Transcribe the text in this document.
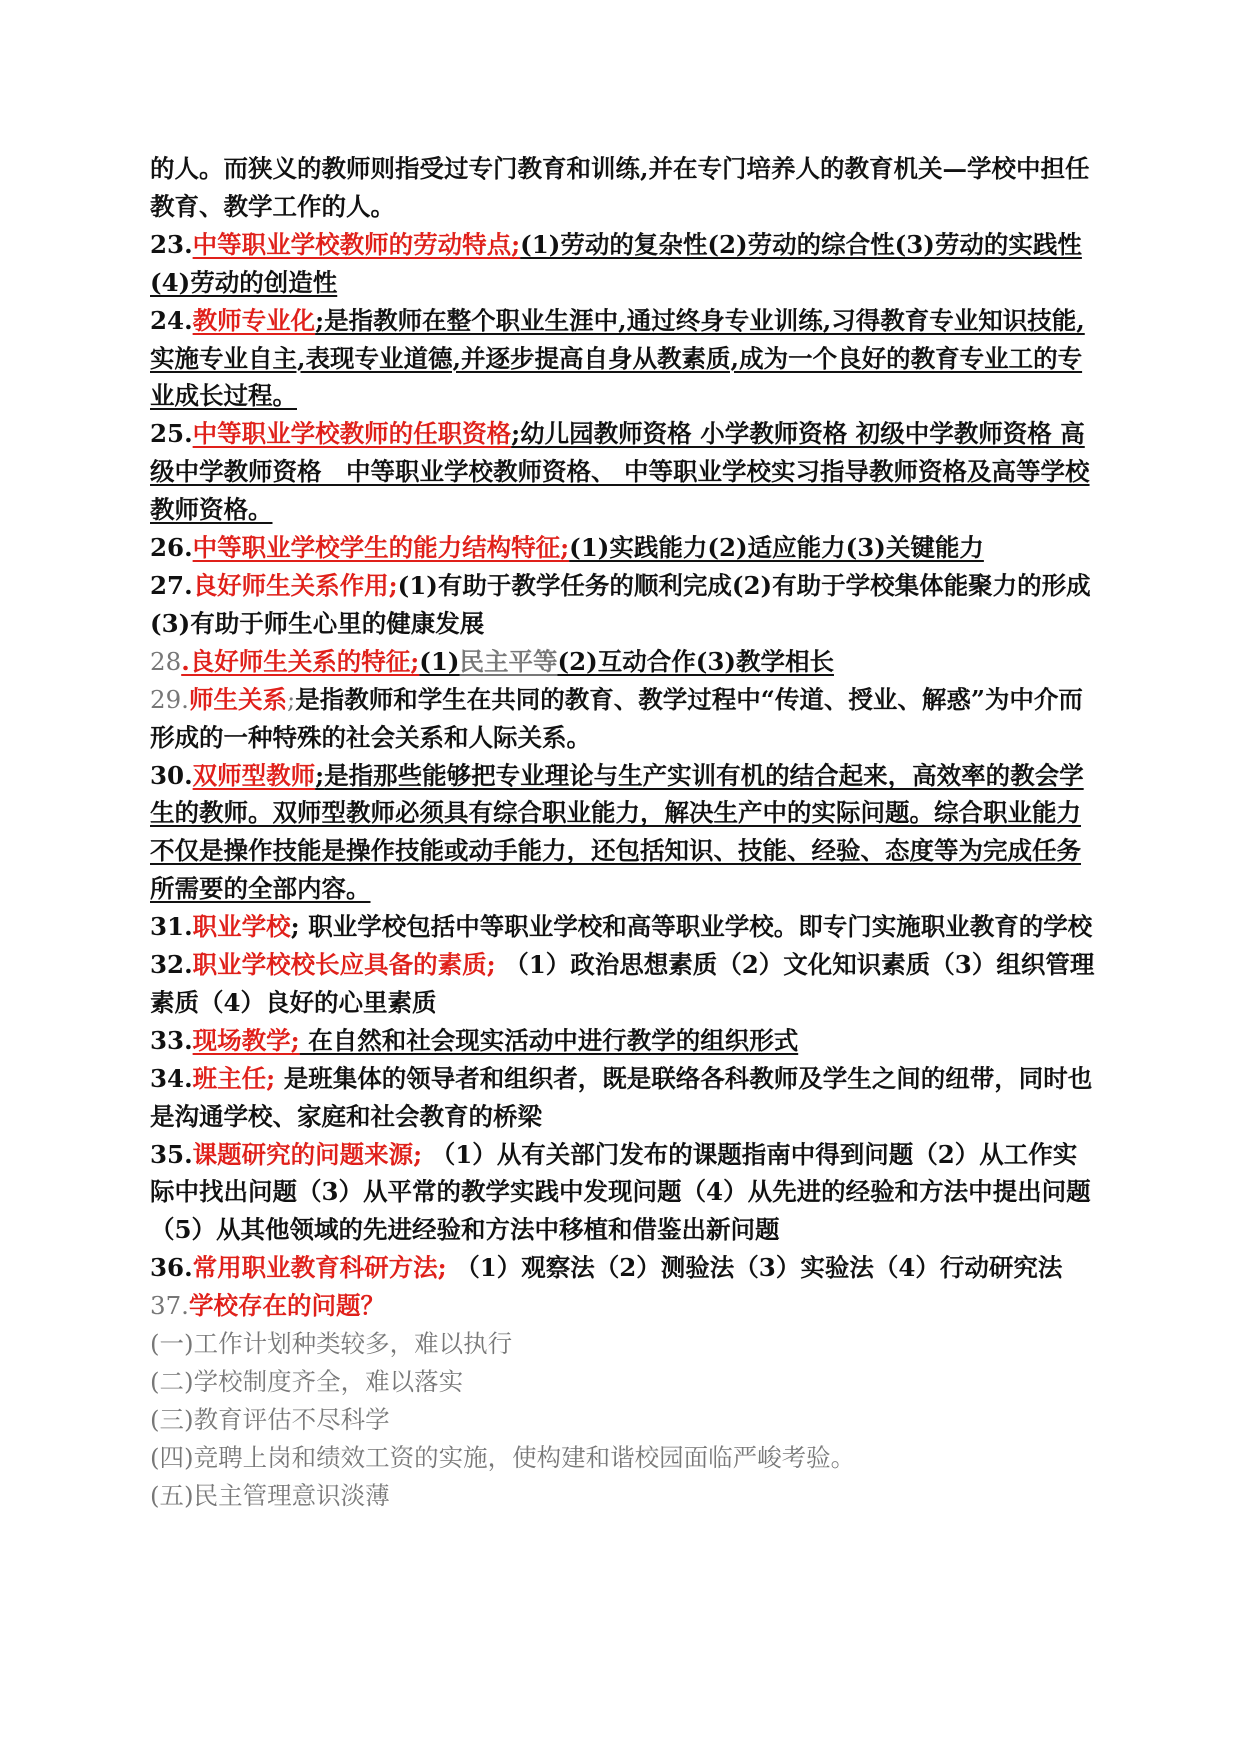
的人。而狭义的教师则指受过专门教育和训练,并在专门培养人的教育机关—学校中担任教育、教学工作的人。

23.中等职业学校教师的劳动特点;(1)劳动的复杂性(2)劳动的综合性(3)劳动的实践性(4)劳动的创造性

24.教师专业化;是指教师在整个职业生涯中,通过终身专业训练,习得教育专业知识技能,实施专业自主,表现专业道德,并逐步提高自身从教素质,成为一个良好的教育专业工的专业成长过程。

25.中等职业学校教师的任职资格;幼儿园教师资格 小学教师资格 初级中学教师资格 高级中学教师资格　中等职业学校教师资格、 中等职业学校实习指导教师资格及高等学校教师资格。

26.中等职业学校学生的能力结构特征;(1)实践能力(2)适应能力(3)关键能力

27.良好师生关系作用;(1)有助于教学任务的顺利完成(2)有助于学校集体能聚力的形成(3)有助于师生心里的健康发展

28.良好师生关系的特征;(1)民主平等(2)互动合作(3)教学相长

29.师生关系;是指教师和学生在共同的教育、教学过程中“传道、授业、解惑”为中介而形成的一种特殊的社会关系和人际关系。

30.双师型教师;是指那些能够把专业理论与生产实训有机的结合起来，高效率的教会学生的教师。双师型教师必须具有综合职业能力，解决生产中的实际问题。综合职业能力不仅是操作技能是操作技能或动手能力，还包括知识、技能、经验、态度等为完成任务所需要的全部内容。

31.职业学校; 职业学校包括中等职业学校和高等职业学校。即专门实施职业教育的学校

32.职业学校校长应具备的素质; （1）政治思想素质（2）文化知识素质（3）组织管理素质（4）良好的心里素质

33.现场教学; 在自然和社会现实活动中进行教学的组织形式

34.班主任; 是班集体的领导者和组织者，既是联络各科教师及学生之间的纽带，同时也是沟通学校、家庭和社会教育的桥梁

35.课题研究的问题来源; （1）从有关部门发布的课题指南中得到问题（2）从工作实际中找出问题（3）从平常的教学实践中发现问题（4）从先进的经验和方法中提出问题（5）从其他领域的先进经验和方法中移植和借鉴出新问题

36.常用职业教育科研方法; （1）观察法（2）测验法（3）实验法（4）行动研究法

37.学校存在的问题？

(一)工作计划种类较多，难以执行

(二)学校制度齐全，难以落实

(三)教育评估不尽科学

(四)竞聘上岗和绩效工资的实施，使构建和谐校园面临严峻考验。

(五)民主管理意识淡薄
